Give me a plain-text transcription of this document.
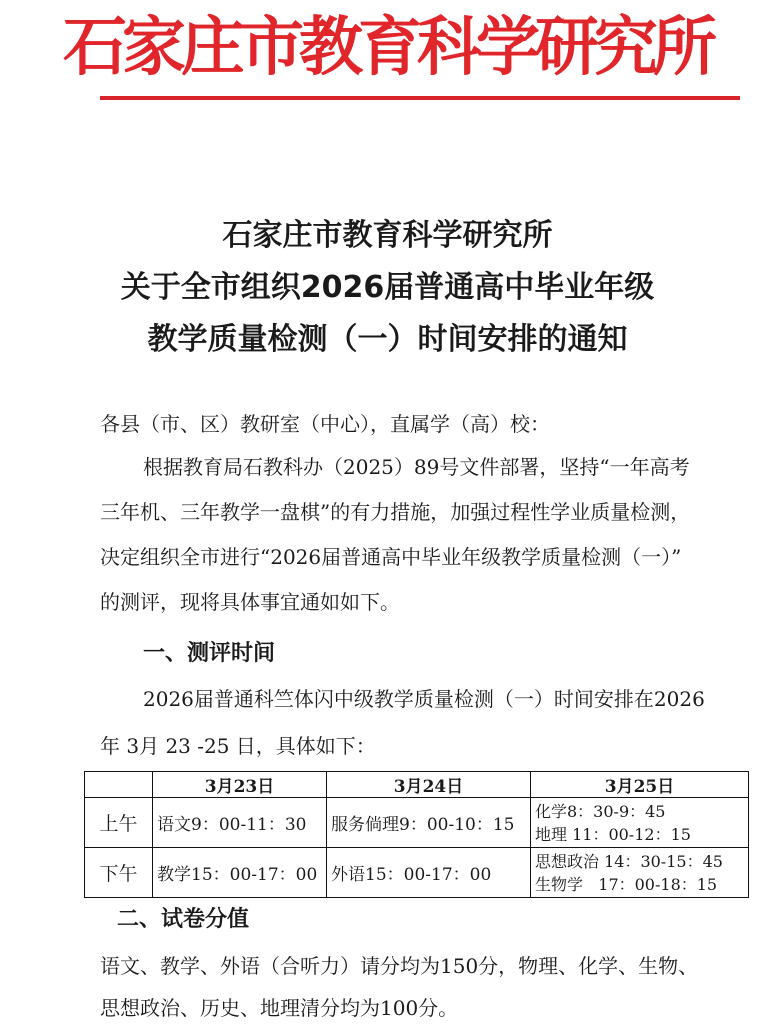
石家庄市教育科学研究所
石家庄市教育科学研究所
关于全市组织2026届普通高中毕业年级
教学质量检测（一）时间安排的通知
各县（市、区）教研室（中心），直属学（高）校：
根据教育局石教科办（2025）89号文件部署，坚持“一年高考
三年机、三年教学一盘棋”的有力措施，加强过程性学业质量检测，
决定组织全市进行“2026届普通高中毕业年级教学质量检测（一）”
的测评，现将具体事宜通如如下。
一、测评时间
2026届普通科竺体闪中级教学质量检测（一）时间安排在2026
年 3月 23 -25 日，具体如下：
	3月23日	3月24日	3月25日
上午	语文9：00-11：30	服务倘理9：00-10：15	化学8：30-9：45
地理 11：00-12：15

下午	教学15：00-17：00	外语15：00-17：00	思想政治 14：30-15：45
生物学   17：00-18：15
二、试卷分值
语文、教学、外语（合听力）请分均为150分，物理、化学、生物、
思想政治、历史、地理清分均为100分。
